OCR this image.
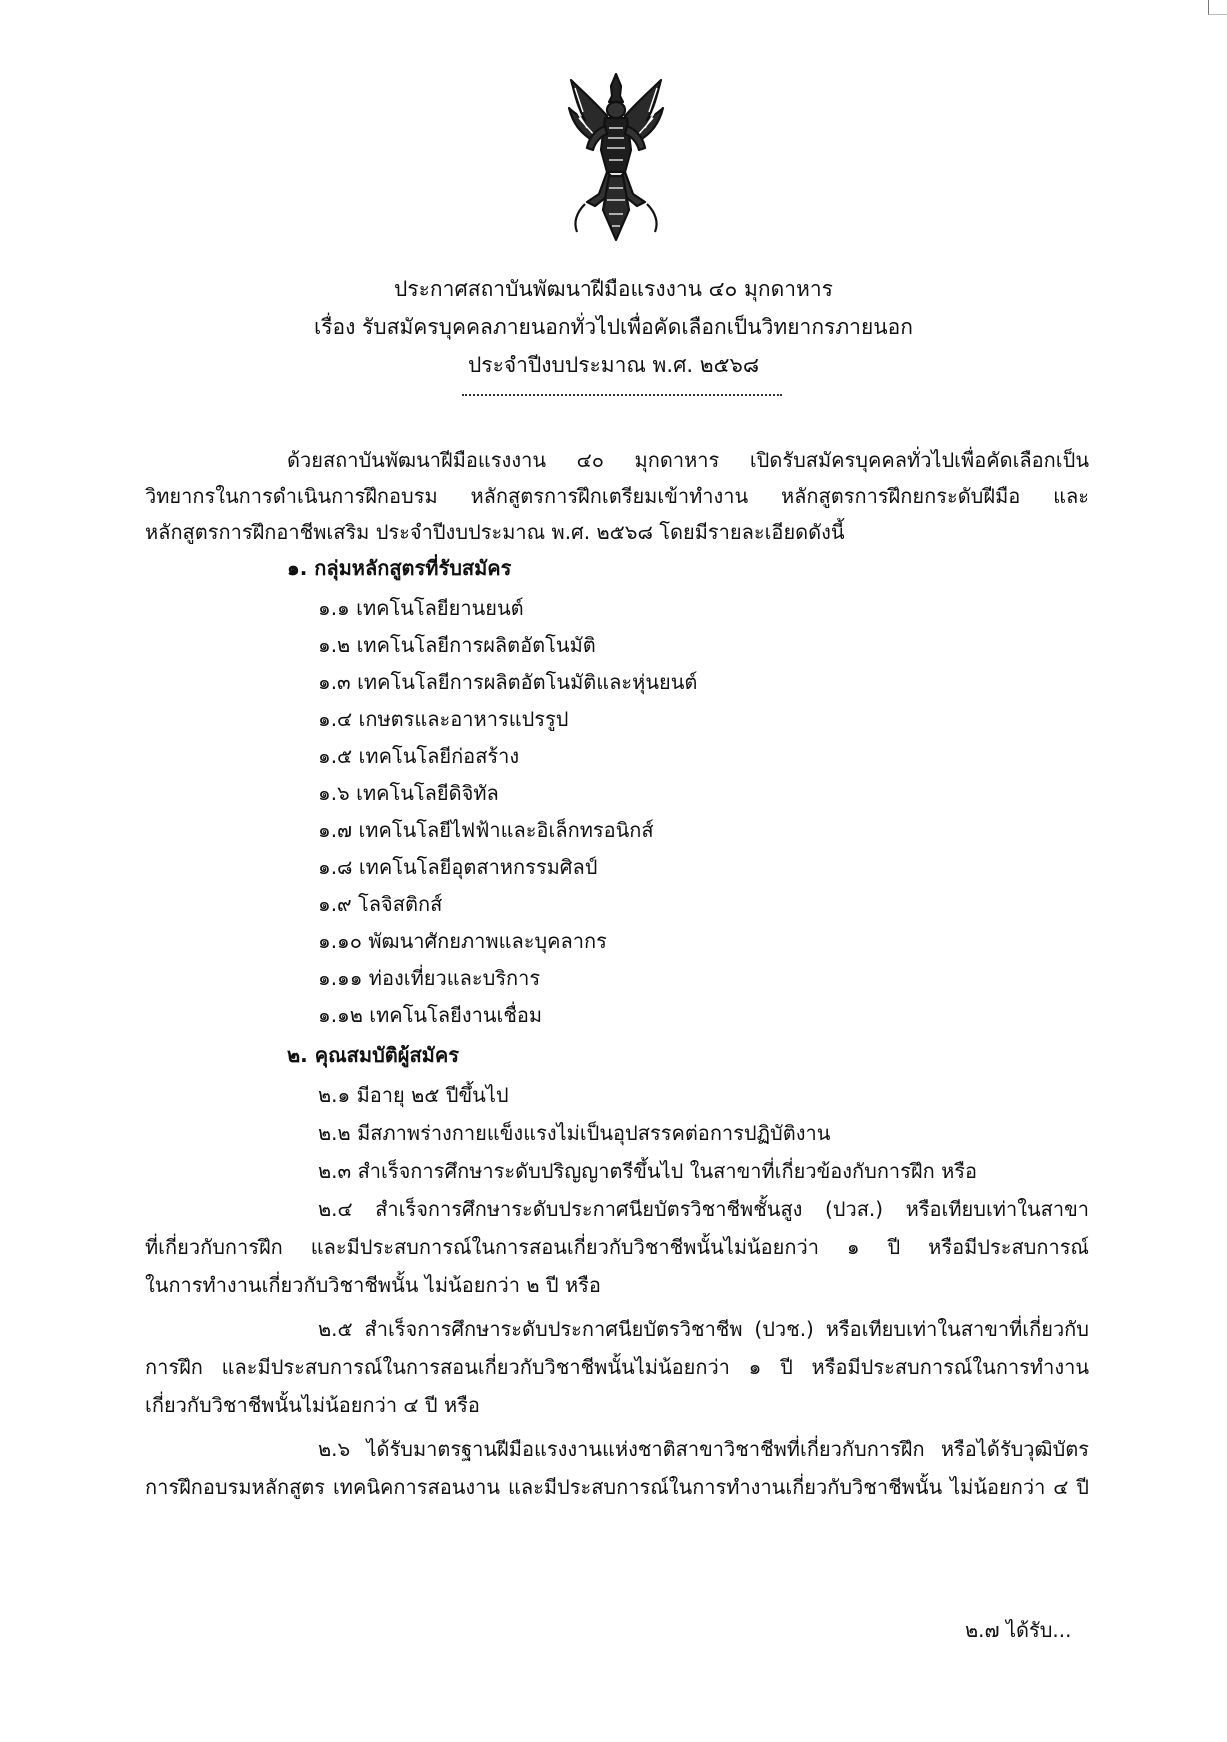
ประกาศสถาบันพัฒนาฝีมือแรงงาน ๔๐ มุกดาหาร
เรื่อง รับสมัครบุคคลภายนอกทั่วไปเพื่อคัดเลือกเป็นวิทยากรภายนอก
ประจำปีงบประมาณ พ.ศ. ๒๕๖๘
ด้วยสถาบันพัฒนาฝีมือแรงงาน ๔๐ มุกดาหาร เปิดรับสมัครบุคคลทั่วไปเพื่อคัดเลือกเป็น
วิทยากรในการดำเนินการฝึกอบรม หลักสูตรการฝึกเตรียมเข้าทำงาน หลักสูตรการฝึกยกระดับฝีมือ และ
หลักสูตรการฝึกอาชีพเสริม ประจำปีงบประมาณ พ.ศ. ๒๕๖๘ โดยมีรายละเอียดดังนี้
๑. กลุ่มหลักสูตรที่รับสมัคร
๑.๑ เทคโนโลยียานยนต์
๑.๒ เทคโนโลยีการผลิตอัตโนมัติ
๑.๓ เทคโนโลยีการผลิตอัตโนมัติและหุ่นยนต์
๑.๔ เกษตรและอาหารแปรรูป
๑.๕ เทคโนโลยีก่อสร้าง
๑.๖ เทคโนโลยีดิจิทัล
๑.๗ เทคโนโลยีไฟฟ้าและอิเล็กทรอนิกส์
๑.๘ เทคโนโลยีอุตสาหกรรมศิลป์
๑.๙ โลจิสติกส์
๑.๑๐ พัฒนาศักยภาพและบุคลากร
๑.๑๑ ท่องเที่ยวและบริการ
๑.๑๒ เทคโนโลยีงานเชื่อม
๒. คุณสมบัติผู้สมัคร
๒.๑ มีอายุ ๒๕ ปีขึ้นไป
๒.๒ มีสภาพร่างกายแข็งแรงไม่เป็นอุปสรรคต่อการปฏิบัติงาน
๒.๓ สำเร็จการศึกษาระดับปริญญาตรีขึ้นไป ในสาขาที่เกี่ยวข้องกับการฝึก หรือ
๒.๔ สำเร็จการศึกษาระดับประกาศนียบัตรวิชาชีพชั้นสูง (ปวส.) หรือเทียบเท่าในสาขา
ที่เกี่ยวกับการฝึก และมีประสบการณ์ในการสอนเกี่ยวกับวิชาชีพนั้นไม่น้อยกว่า ๑ ปี หรือมีประสบการณ์
ในการทำงานเกี่ยวกับวิชาชีพนั้น ไม่น้อยกว่า ๒ ปี หรือ
๒.๕ สำเร็จการศึกษาระดับประกาศนียบัตรวิชาชีพ (ปวช.) หรือเทียบเท่าในสาขาที่เกี่ยวกับ
การฝึก และมีประสบการณ์ในการสอนเกี่ยวกับวิชาชีพนั้นไม่น้อยกว่า ๑ ปี หรือมีประสบการณ์ในการทำงาน
เกี่ยวกับวิชาชีพนั้นไม่น้อยกว่า ๔ ปี หรือ
๒.๖ ได้รับมาตรฐานฝีมือแรงงานแห่งชาติสาขาวิชาชีพที่เกี่ยวกับการฝึก หรือได้รับวุฒิบัตร
การฝึกอบรมหลักสูตร เทคนิคการสอนงาน และมีประสบการณ์ในการทำงานเกี่ยวกับวิชาชีพนั้น ไม่น้อยกว่า ๔ ปี
๒.๗ ได้รับ...
